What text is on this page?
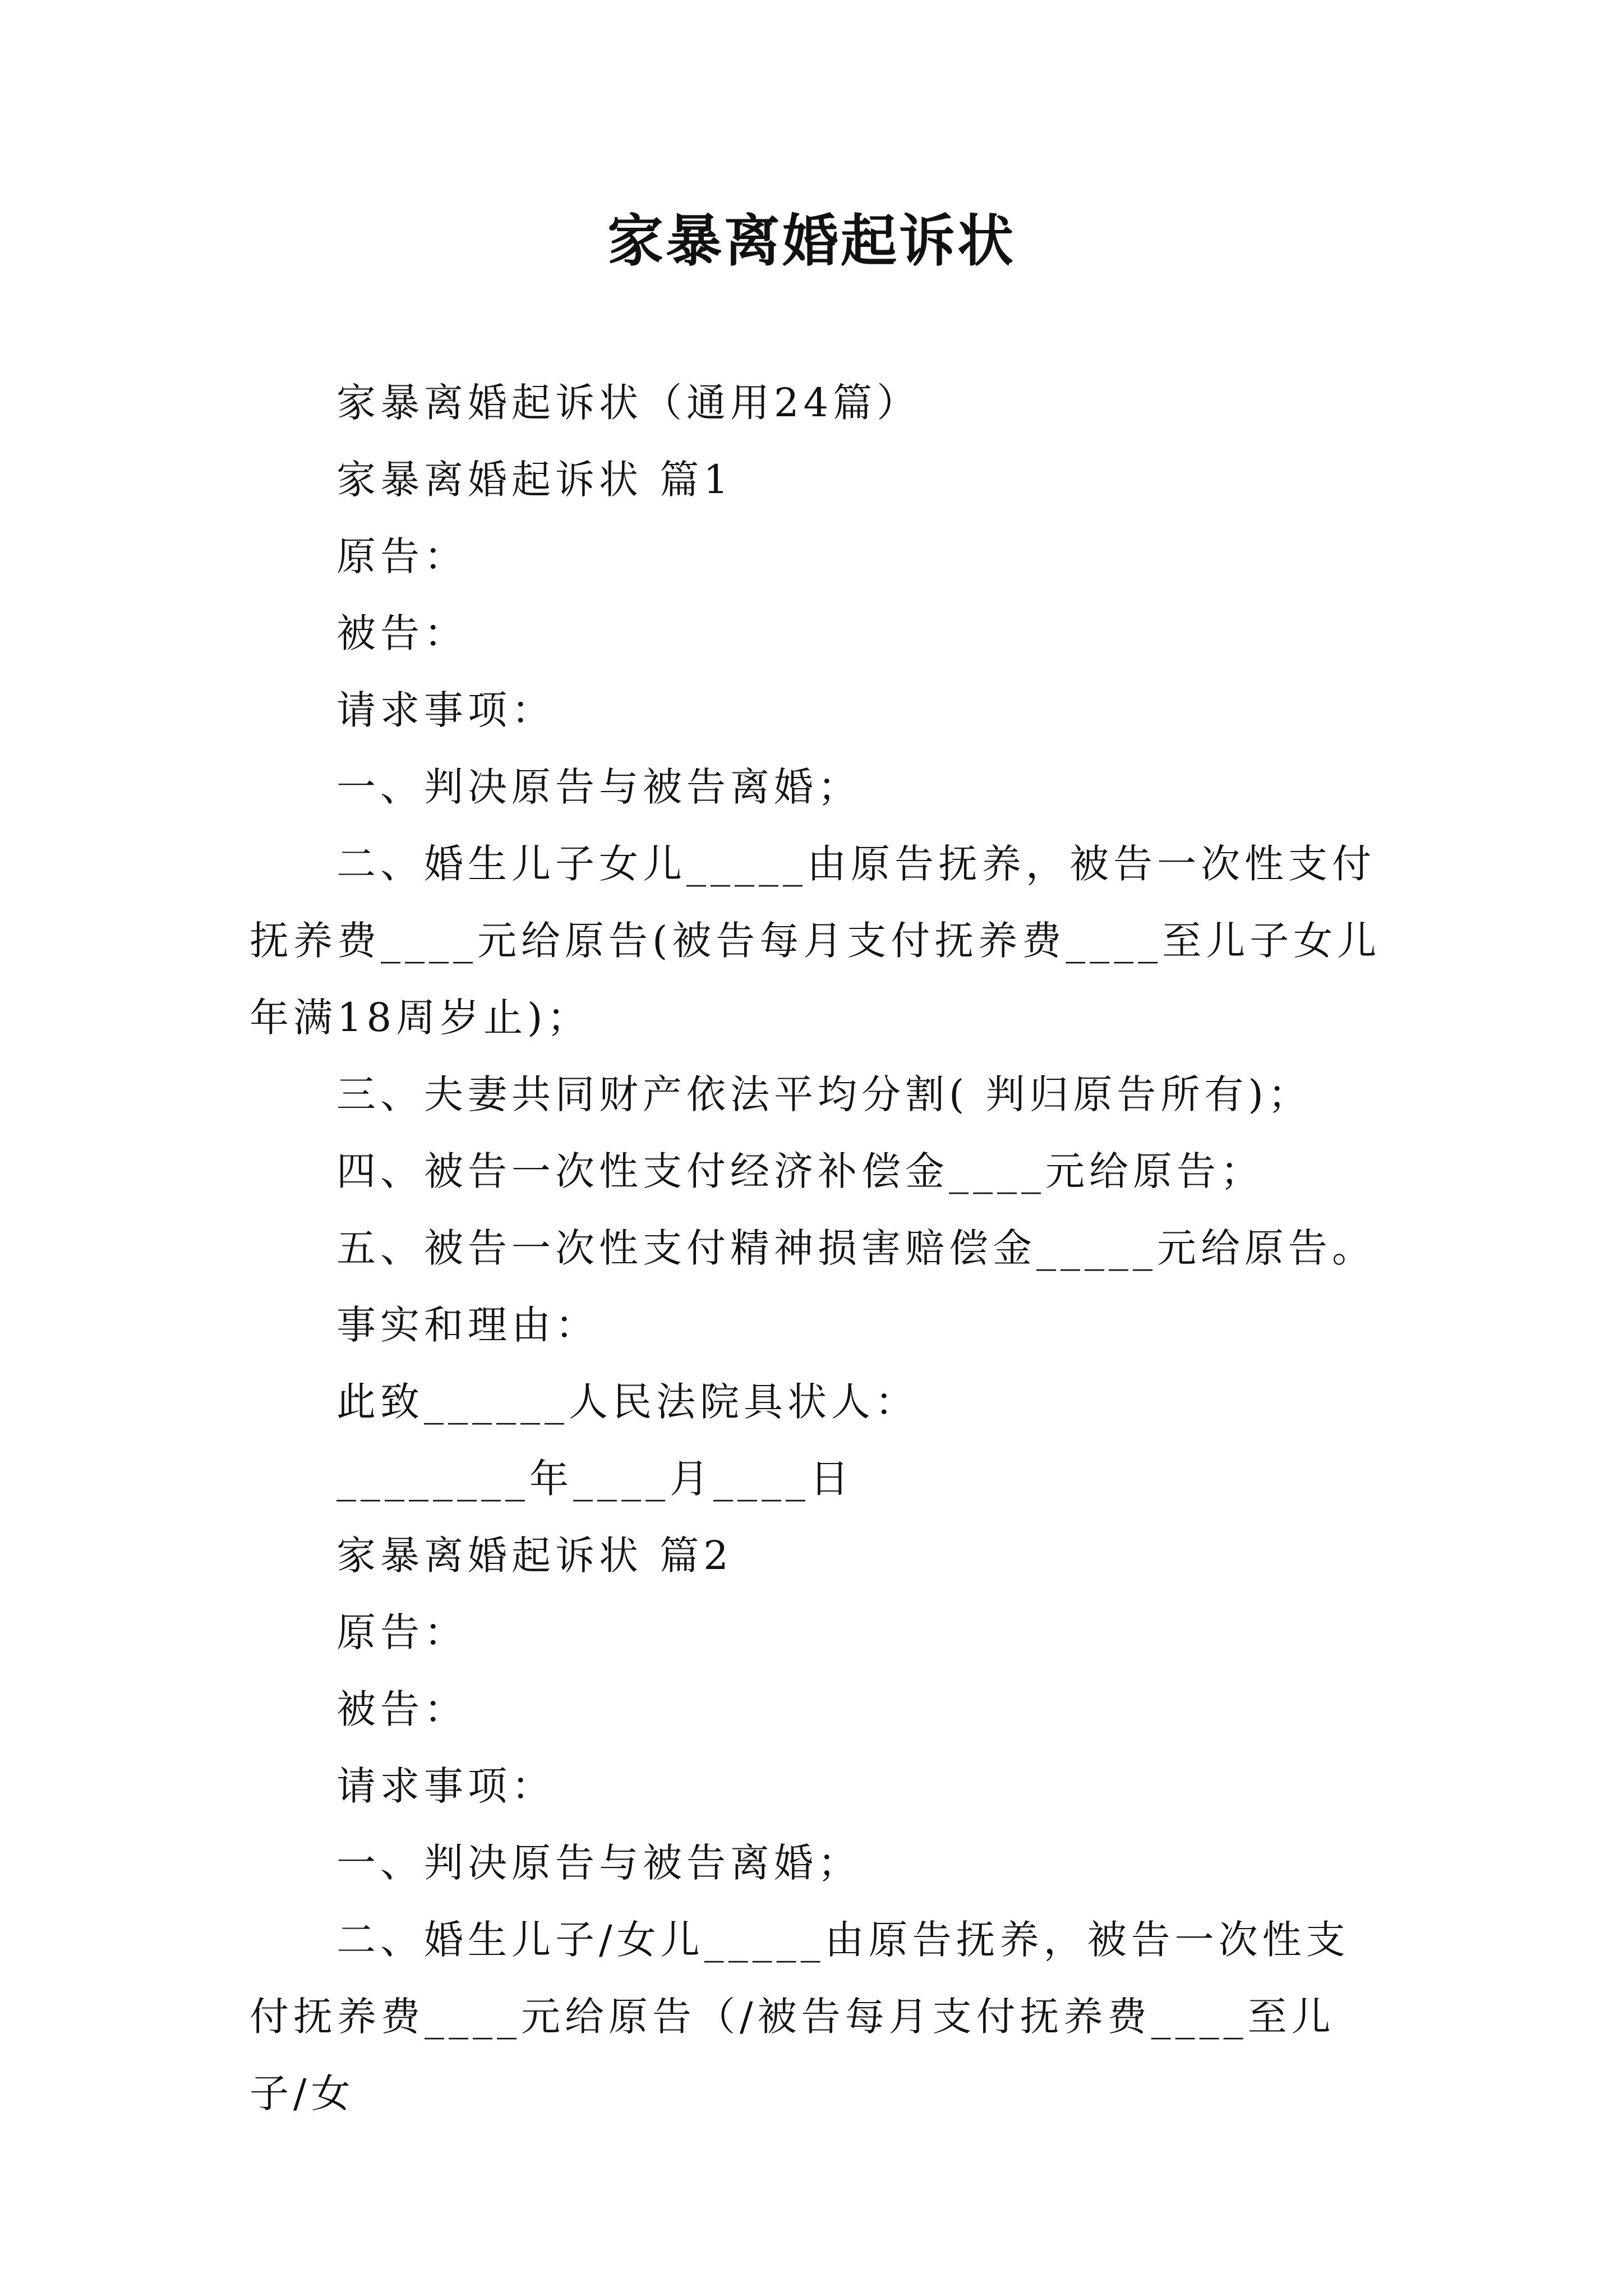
家暴离婚起诉状

家暴离婚起诉状（通用24篇）

家暴离婚起诉状 篇1

原告：

被告：

请求事项：

一、判决原告与被告离婚；

二、婚生儿子女儿_____由原告抚养，被告一次性支付抚养费____元给原告(被告每月支付抚养费____至儿子女儿年满18周岁止)；

三、夫妻共同财产依法平均分割( 判归原告所有)；

四、被告一次性支付经济补偿金____元给原告；

五、被告一次性支付精神损害赔偿金_____元给原告。

事实和理由：

此致______人民法院具状人：

________年____月____日

家暴离婚起诉状 篇2

原告：

被告：

请求事项：

一、判决原告与被告离婚；

二、婚生儿子/女儿_____由原告抚养，被告一次性支付抚养费____元给原告（/被告每月支付抚养费____至儿子/女
